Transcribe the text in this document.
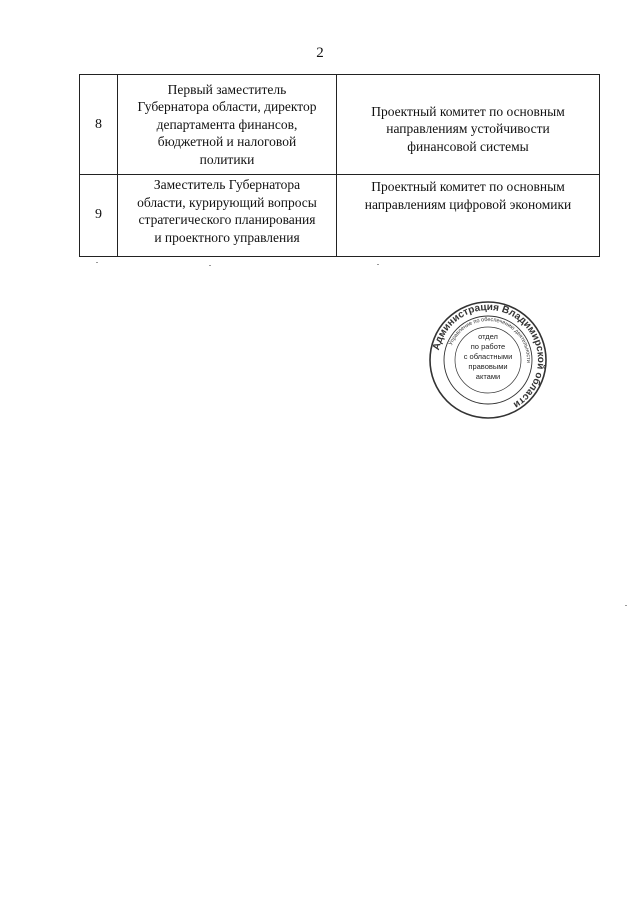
2
8	Первый заместитель
Губернатора области, директор
департамента финансов,
бюджетной и налоговой
политики	Проектный комитет по основным
направлениям устойчивости
финансовой системы

9	Заместитель Губернатора
области, курирующий вопросы
стратегического планирования
и проектного управления	Проектный комитет по основным
направлениям цифровой экономики
Администрация Владимирской области
Управление по обеспечению деятельности
отдел
по работе
с областными
правовыми
актами
